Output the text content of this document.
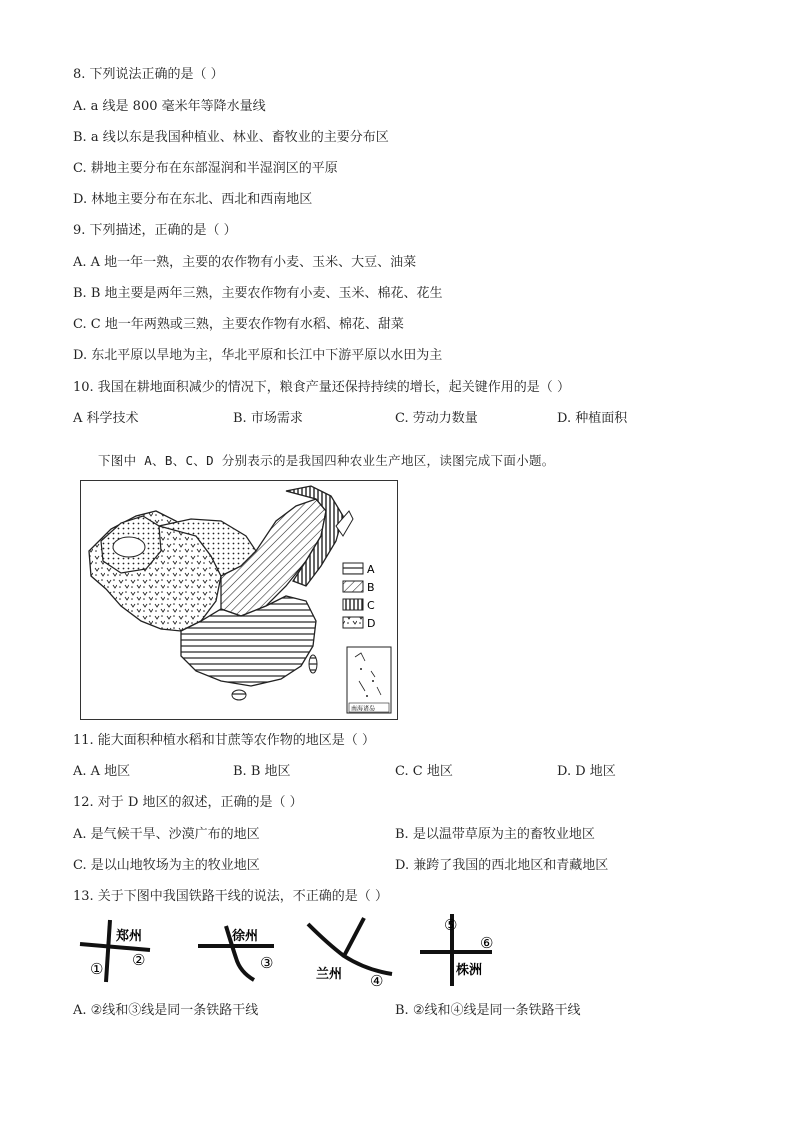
8. 下列说法正确的是（ ）
A. a 线是 800 毫米年等降水量线
B. a 线以东是我国种植业、林业、畜牧业的主要分布区
C. 耕地主要分布在东部湿润和半湿润区的平原
D. 林地主要分布在东北、西北和西南地区
9. 下列描述，正确的是（ ）
A. A 地一年一熟，主要的农作物有小麦、玉米、大豆、油菜
B. B 地主要是两年三熟，主要农作物有小麦、玉米、棉花、花生
C. C 地一年两熟或三熟，主要农作物有水稻、棉花、甜菜
D. 东北平原以旱地为主，华北平原和长江中下游平原以水田为主
10. 我国在耕地面积减少的情况下，粮食产量还保持持续的增长，起关键作用的是（ ）
A 科学技术	B. 市场需求	C. 劳动力数量	D. 种植面积
下图中 A、B、C、D 分别表示的是我国四种农业生产地区，读图完成下面小题。
A
B
C
D
南海诸岛
11. 能大面积种植水稻和甘蔗等农作物的地区是（ ）
A. A 地区	B. B 地区	C. C 地区	D. D 地区
12. 对于 D 地区的叙述，正确的是（ ）
A. 是气候干旱、沙漠广布的地区	B. 是以温带草原为主的畜牧业地区
C. 是以山地牧场为主的牧业地区	D. 兼跨了我国的西北地区和青藏地区
13. 关于下图中我国铁路干线的说法，不正确的是（ ）
郑州
① ②
徐州
③
兰州 ④
⑤
⑥
株洲
A. ②线和③线是同一条铁路干线	B. ②线和④线是同一条铁路干线
